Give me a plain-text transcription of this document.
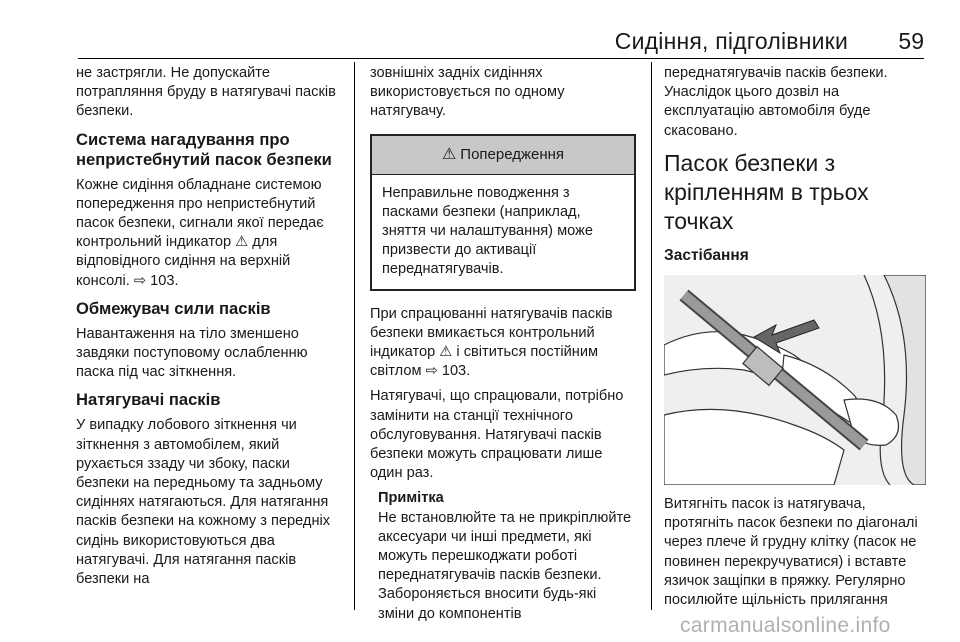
Сидіння, підголівники 59

не застрягли. Не допускайте потрапляння бруду в натягувачі пасків безпеки.

Система нагадування про непристебнутий пасок безпеки

Кожне сидіння обладнане системою попередження про непристебнутий пасок безпеки, сигнали якої передає контрольний індикатор ⚠ для відповідного сидіння на верхній консолі. ⇨ 103.

Обмежувач сили пасків

Навантаження на тіло зменшено завдяки поступовому ослабленню паска під час зіткнення.

Натягувачі пасків

У випадку лобового зіткнення чи зіткнення з автомобілем, який рухається ззаду чи збоку, паски безпеки на передньому та задньому сидіннях натягаються. Для натягання пасків безпеки на кожному з передніх сидінь використовуються два натягувачі. Для натягання пасків безпеки на

зовнішніх задніх сидіннях використовується по одному натягувачу.

⚠ Попередження
Неправильне поводження з пасками безпеки (наприклад, зняття чи налаштування) може призвести до активації переднатягувачів.

При спрацюванні натягувачів пасків безпеки вмикається контрольний індикатор ⚠ і світиться постійним світлом ⇨ 103.

Натягувачі, що спрацювали, потрібно замінити на станції технічного обслуговування. Натягувачі пасків безпеки можуть спрацювати лише один раз.

Примітка
Не встановлюйте та не прикріплюйте аксесуари чи інші предмети, які можуть перешкоджати роботі переднатягувачів пасків безпеки. Забороняється вносити будь-які зміни до компонентів

переднатягувачів пасків безпеки. Унаслідок цього дозвіл на експлуатацію автомобіля буде скасовано.

Пасок безпеки з кріпленням в трьох точках
Застібання

Витягніть пасок із натягувача, протягніть пасок безпеки по діагоналі через плече й грудну клітку (пасок не повинен перекручуватися) і вставте язичок защіпки в пряжку. Регулярно посилюйте щільність прилягання

carmanualsonline.info
